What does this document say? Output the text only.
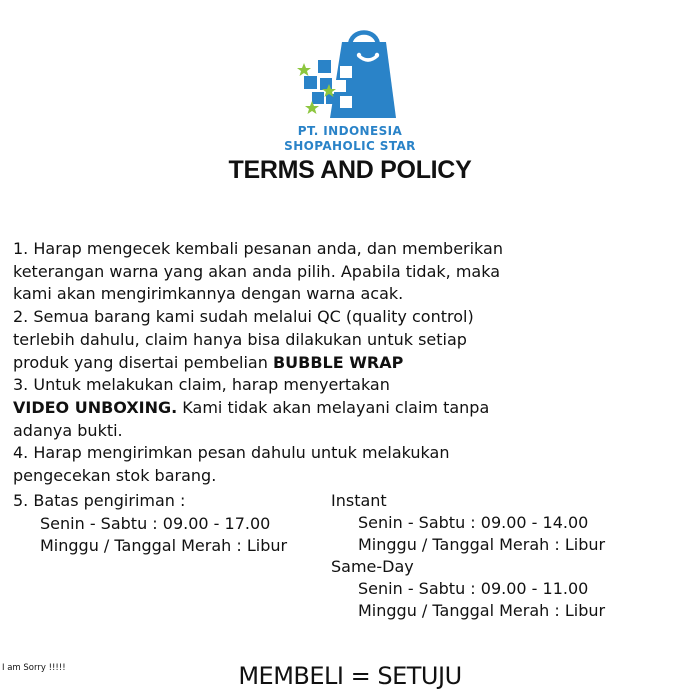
PT. INDONESIA
SHOPAHOLIC STAR
TERMS AND POLICY
1. Harap mengecek kembali pesanan anda, dan memberikan
keterangan warna yang akan anda pilih. Apabila tidak, maka
kami akan mengirimkannya dengan warna acak.
2. Semua barang kami sudah melalui QC (quality control)
terlebih dahulu, claim hanya bisa dilakukan untuk setiap
produk yang disertai pembelian BUBBLE WRAP
3. Untuk melakukan claim, harap menyertakan
VIDEO UNBOXING. Kami tidak akan melayani claim tanpa
adanya bukti.
4. Harap mengirimkan pesan dahulu untuk melakukan
pengecekan stok barang.
5. Batas pengiriman :
Senin - Sabtu : 09.00 - 17.00
Minggu / Tanggal Merah : Libur
Instant
Senin - Sabtu : 09.00 - 14.00
Minggu / Tanggal Merah : Libur
Same-Day
Senin - Sabtu : 09.00 - 11.00
Minggu / Tanggal Merah : Libur
I am Sorry !!!!!	MEMBELI = SETUJU
